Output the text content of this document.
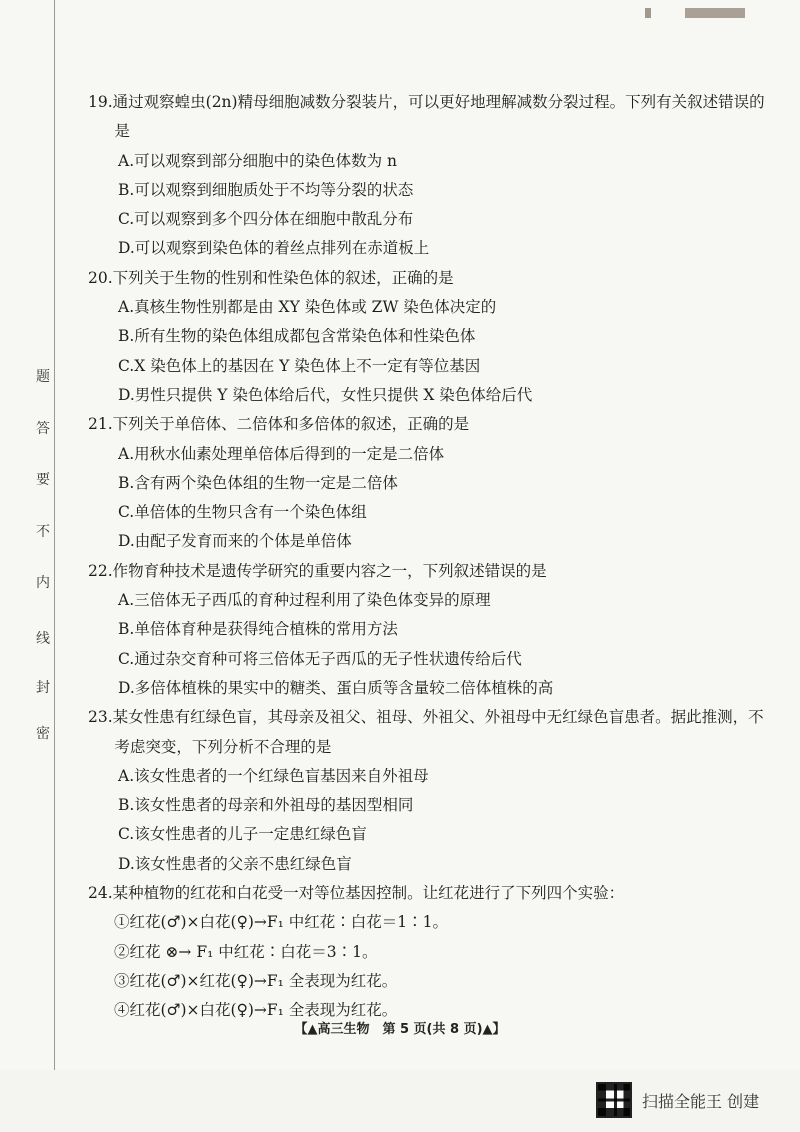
密
封
线
内
不
要
答
题

19.通过观察蝗虫(2n)精母细胞减数分裂装片，可以更好地理解减数分裂过程。下列有关叙述错误的是

A.可以观察到部分细胞中的染色体数为 n

B.可以观察到细胞质处于不均等分裂的状态

C.可以观察到多个四分体在细胞中散乱分布

D.可以观察到染色体的着丝点排列在赤道板上

20.下列关于生物的性别和性染色体的叙述，正确的是

A.真核生物性别都是由 XY 染色体或 ZW 染色体决定的

B.所有生物的染色体组成都包含常染色体和性染色体

C.X 染色体上的基因在 Y 染色体上不一定有等位基因

D.男性只提供 Y 染色体给后代，女性只提供 X 染色体给后代

21.下列关于单倍体、二倍体和多倍体的叙述，正确的是

A.用秋水仙素处理单倍体后得到的一定是二倍体

B.含有两个染色体组的生物一定是二倍体

C.单倍体的生物只含有一个染色体组

D.由配子发育而来的个体是单倍体

22.作物育种技术是遗传学研究的重要内容之一，下列叙述错误的是

A.三倍体无子西瓜的育种过程利用了染色体变异的原理

B.单倍体育种是获得纯合植株的常用方法

C.通过杂交育种可将三倍体无子西瓜的无子性状遗传给后代

D.多倍体植株的果实中的糖类、蛋白质等含量较二倍体植株的高

23.某女性患有红绿色盲，其母亲及祖父、祖母、外祖父、外祖母中无红绿色盲患者。据此推测，不考虑突变，下列分析不合理的是

A.该女性患者的一个红绿色盲基因来自外祖母

B.该女性患者的母亲和外祖母的基因型相同

C.该女性患者的儿子一定患红绿色盲

D.该女性患者的父亲不患红绿色盲

24.某种植物的红花和白花受一对等位基因控制。让红花进行了下列四个实验：

①红花(♂)×白花(♀)→F₁ 中红花∶白花＝1∶1。

②红花 ⊗→ F₁ 中红花∶白花＝3∶1。

③红花(♂)×红花(♀)→F₁ 全表现为红花。

④红花(♂)×白花(♀)→F₁ 全表现为红花。

【▲高三生物　第 5 页(共 8 页)▲】
扫描全能王 创建
